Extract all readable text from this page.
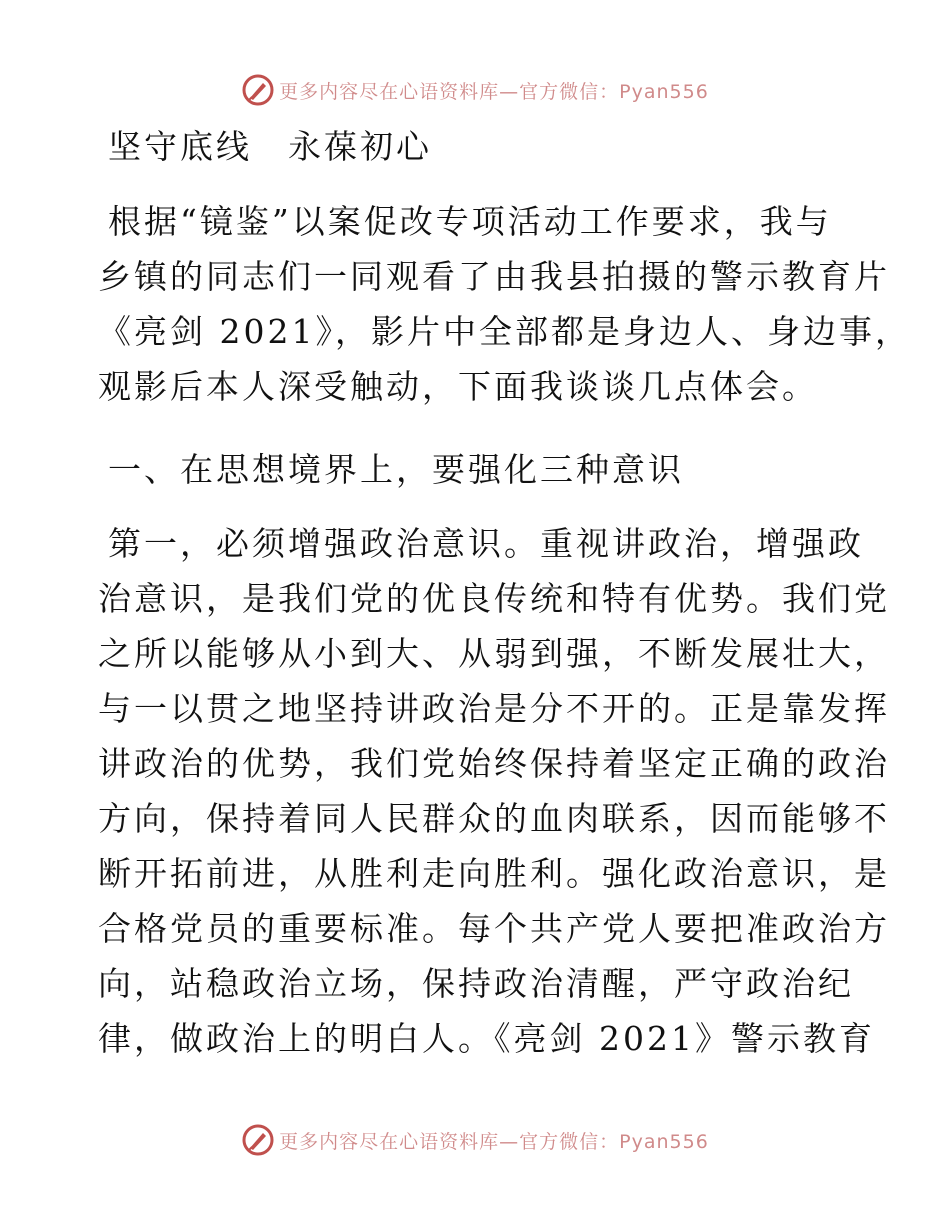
更多内容尽在心语资料库—官方微信：Pyan556
坚守底线　永葆初心
根据“镜鉴”以案促改专项活动工作要求，我与
乡镇的同志们一同观看了由我县拍摄的警示教育片
《亮剑 2021》，影片中全部都是身边人、身边事，
观影后本人深受触动，下面我谈谈几点体会。
一、在思想境界上，要强化三种意识
第一，必须增强政治意识。重视讲政治，增强政
治意识，是我们党的优良传统和特有优势。我们党
之所以能够从小到大、从弱到强，不断发展壮大，
与一以贯之地坚持讲政治是分不开的。正是靠发挥
讲政治的优势，我们党始终保持着坚定正确的政治
方向，保持着同人民群众的血肉联系，因而能够不
断开拓前进，从胜利走向胜利。强化政治意识，是
合格党员的重要标准。每个共产党人要把准政治方
向，站稳政治立场，保持政治清醒，严守政治纪
律，做政治上的明白人。《亮剑 2021》警示教育
更多内容尽在心语资料库—官方微信：Pyan556
